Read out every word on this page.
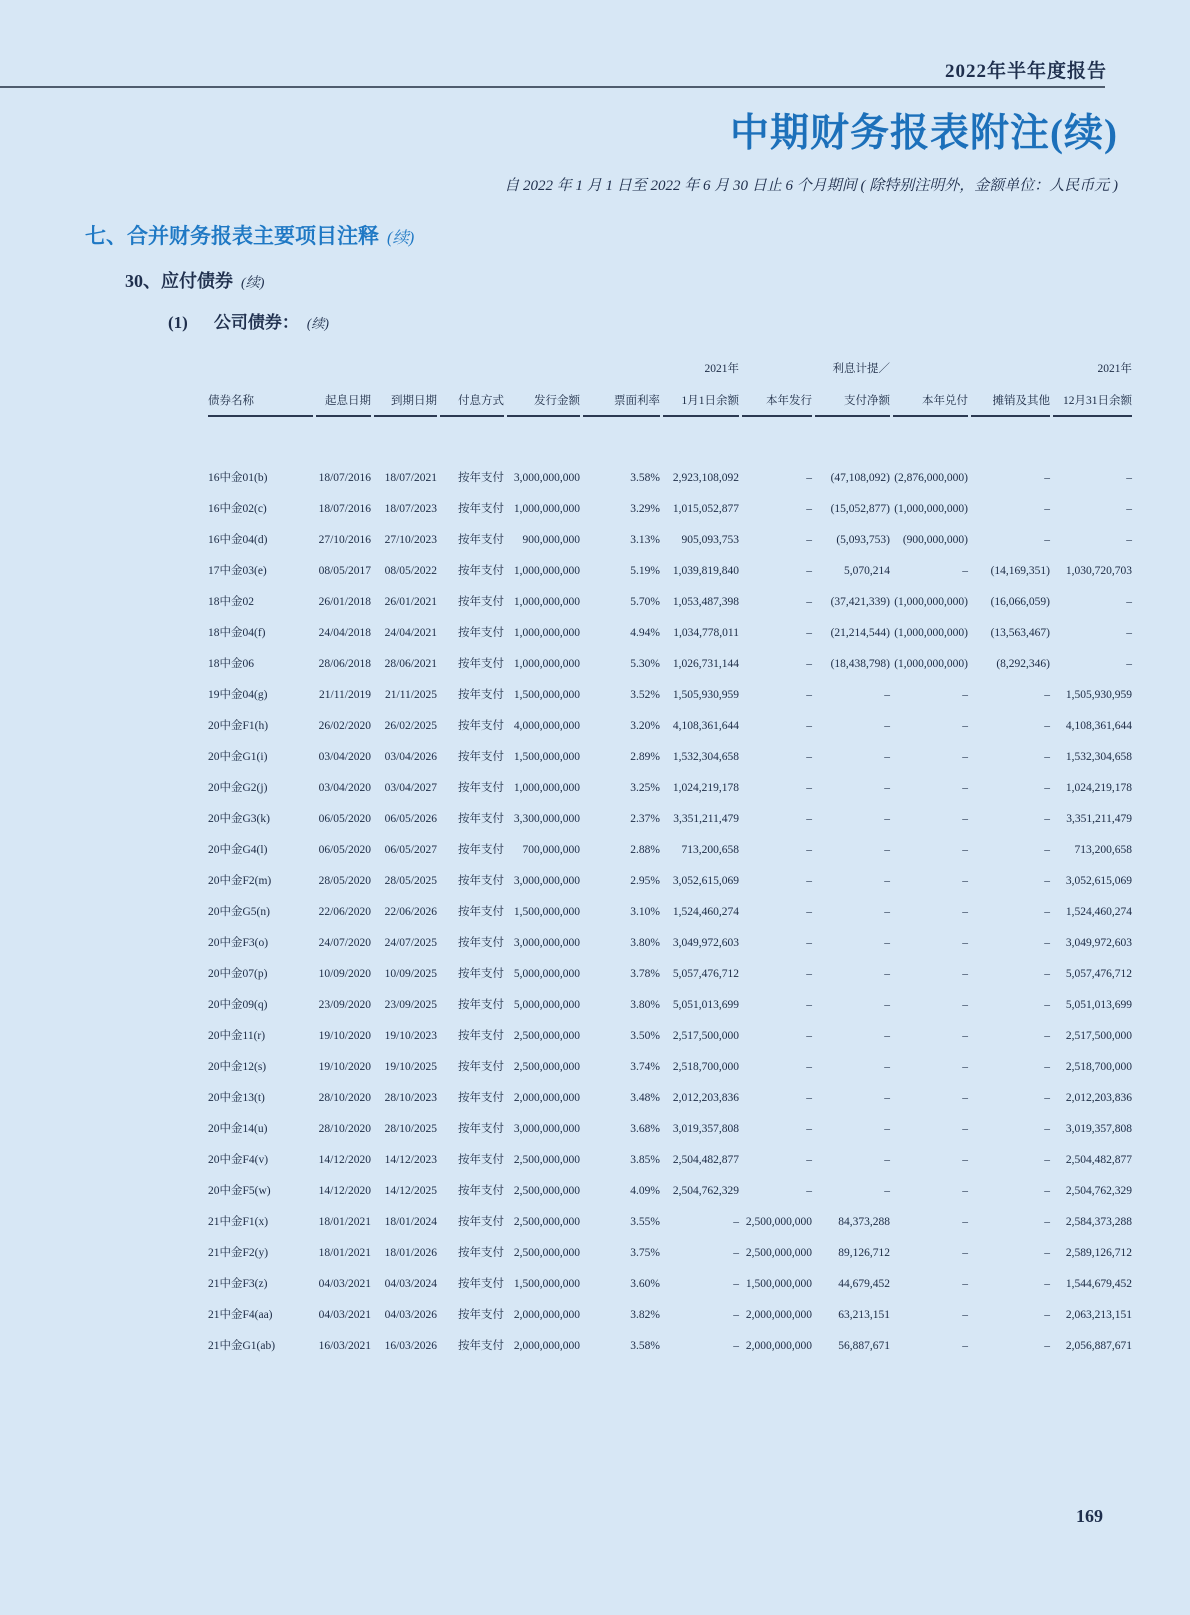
2022年半年度报告
中期财务报表附注(续)
自 2022 年 1 月 1 日至 2022 年 6 月 30 日止 6 个月期间 ( 除特别注明外，金额单位：人民币元 )
七、合并财务报表主要项目注释 (续)
30、应付债券 (续)
(1) 公司债券： (续)
						2021年		利息计提／			2021年
债券名称	起息日期	到期日期	付息方式	发行金额	票面利率	1月1日余额	本年发行	支付净额	本年兑付	摊销及其他	12月31日余额
16中金01(b)	18/07/2016	18/07/2021	按年支付	3,000,000,000	3.58%	2,923,108,092	–	(47,108,092)	(2,876,000,000)	–	–
16中金02(c)	18/07/2016	18/07/2023	按年支付	1,000,000,000	3.29%	1,015,052,877	–	(15,052,877)	(1,000,000,000)	–	–
16中金04(d)	27/10/2016	27/10/2023	按年支付	900,000,000	3.13%	905,093,753	–	(5,093,753)	(900,000,000)	–	–
17中金03(e)	08/05/2017	08/05/2022	按年支付	1,000,000,000	5.19%	1,039,819,840	–	5,070,214	–	(14,169,351)	1,030,720,703
18中金02	26/01/2018	26/01/2021	按年支付	1,000,000,000	5.70%	1,053,487,398	–	(37,421,339)	(1,000,000,000)	(16,066,059)	–
18中金04(f)	24/04/2018	24/04/2021	按年支付	1,000,000,000	4.94%	1,034,778,011	–	(21,214,544)	(1,000,000,000)	(13,563,467)	–
18中金06	28/06/2018	28/06/2021	按年支付	1,000,000,000	5.30%	1,026,731,144	–	(18,438,798)	(1,000,000,000)	(8,292,346)	–
19中金04(g)	21/11/2019	21/11/2025	按年支付	1,500,000,000	3.52%	1,505,930,959	–	–	–	–	1,505,930,959
20中金F1(h)	26/02/2020	26/02/2025	按年支付	4,000,000,000	3.20%	4,108,361,644	–	–	–	–	4,108,361,644
20中金G1(i)	03/04/2020	03/04/2026	按年支付	1,500,000,000	2.89%	1,532,304,658	–	–	–	–	1,532,304,658
20中金G2(j)	03/04/2020	03/04/2027	按年支付	1,000,000,000	3.25%	1,024,219,178	–	–	–	–	1,024,219,178
20中金G3(k)	06/05/2020	06/05/2026	按年支付	3,300,000,000	2.37%	3,351,211,479	–	–	–	–	3,351,211,479
20中金G4(l)	06/05/2020	06/05/2027	按年支付	700,000,000	2.88%	713,200,658	–	–	–	–	713,200,658
20中金F2(m)	28/05/2020	28/05/2025	按年支付	3,000,000,000	2.95%	3,052,615,069	–	–	–	–	3,052,615,069
20中金G5(n)	22/06/2020	22/06/2026	按年支付	1,500,000,000	3.10%	1,524,460,274	–	–	–	–	1,524,460,274
20中金F3(o)	24/07/2020	24/07/2025	按年支付	3,000,000,000	3.80%	3,049,972,603	–	–	–	–	3,049,972,603
20中金07(p)	10/09/2020	10/09/2025	按年支付	5,000,000,000	3.78%	5,057,476,712	–	–	–	–	5,057,476,712
20中金09(q)	23/09/2020	23/09/2025	按年支付	5,000,000,000	3.80%	5,051,013,699	–	–	–	–	5,051,013,699
20中金11(r)	19/10/2020	19/10/2023	按年支付	2,500,000,000	3.50%	2,517,500,000	–	–	–	–	2,517,500,000
20中金12(s)	19/10/2020	19/10/2025	按年支付	2,500,000,000	3.74%	2,518,700,000	–	–	–	–	2,518,700,000
20中金13(t)	28/10/2020	28/10/2023	按年支付	2,000,000,000	3.48%	2,012,203,836	–	–	–	–	2,012,203,836
20中金14(u)	28/10/2020	28/10/2025	按年支付	3,000,000,000	3.68%	3,019,357,808	–	–	–	–	3,019,357,808
20中金F4(v)	14/12/2020	14/12/2023	按年支付	2,500,000,000	3.85%	2,504,482,877	–	–	–	–	2,504,482,877
20中金F5(w)	14/12/2020	14/12/2025	按年支付	2,500,000,000	4.09%	2,504,762,329	–	–	–	–	2,504,762,329
21中金F1(x)	18/01/2021	18/01/2024	按年支付	2,500,000,000	3.55%	–	2,500,000,000	84,373,288	–	–	2,584,373,288
21中金F2(y)	18/01/2021	18/01/2026	按年支付	2,500,000,000	3.75%	–	2,500,000,000	89,126,712	–	–	2,589,126,712
21中金F3(z)	04/03/2021	04/03/2024	按年支付	1,500,000,000	3.60%	–	1,500,000,000	44,679,452	–	–	1,544,679,452
21中金F4(aa)	04/03/2021	04/03/2026	按年支付	2,000,000,000	3.82%	–	2,000,000,000	63,213,151	–	–	2,063,213,151
21中金G1(ab)	16/03/2021	16/03/2026	按年支付	2,000,000,000	3.58%	–	2,000,000,000	56,887,671	–	–	2,056,887,671
169
